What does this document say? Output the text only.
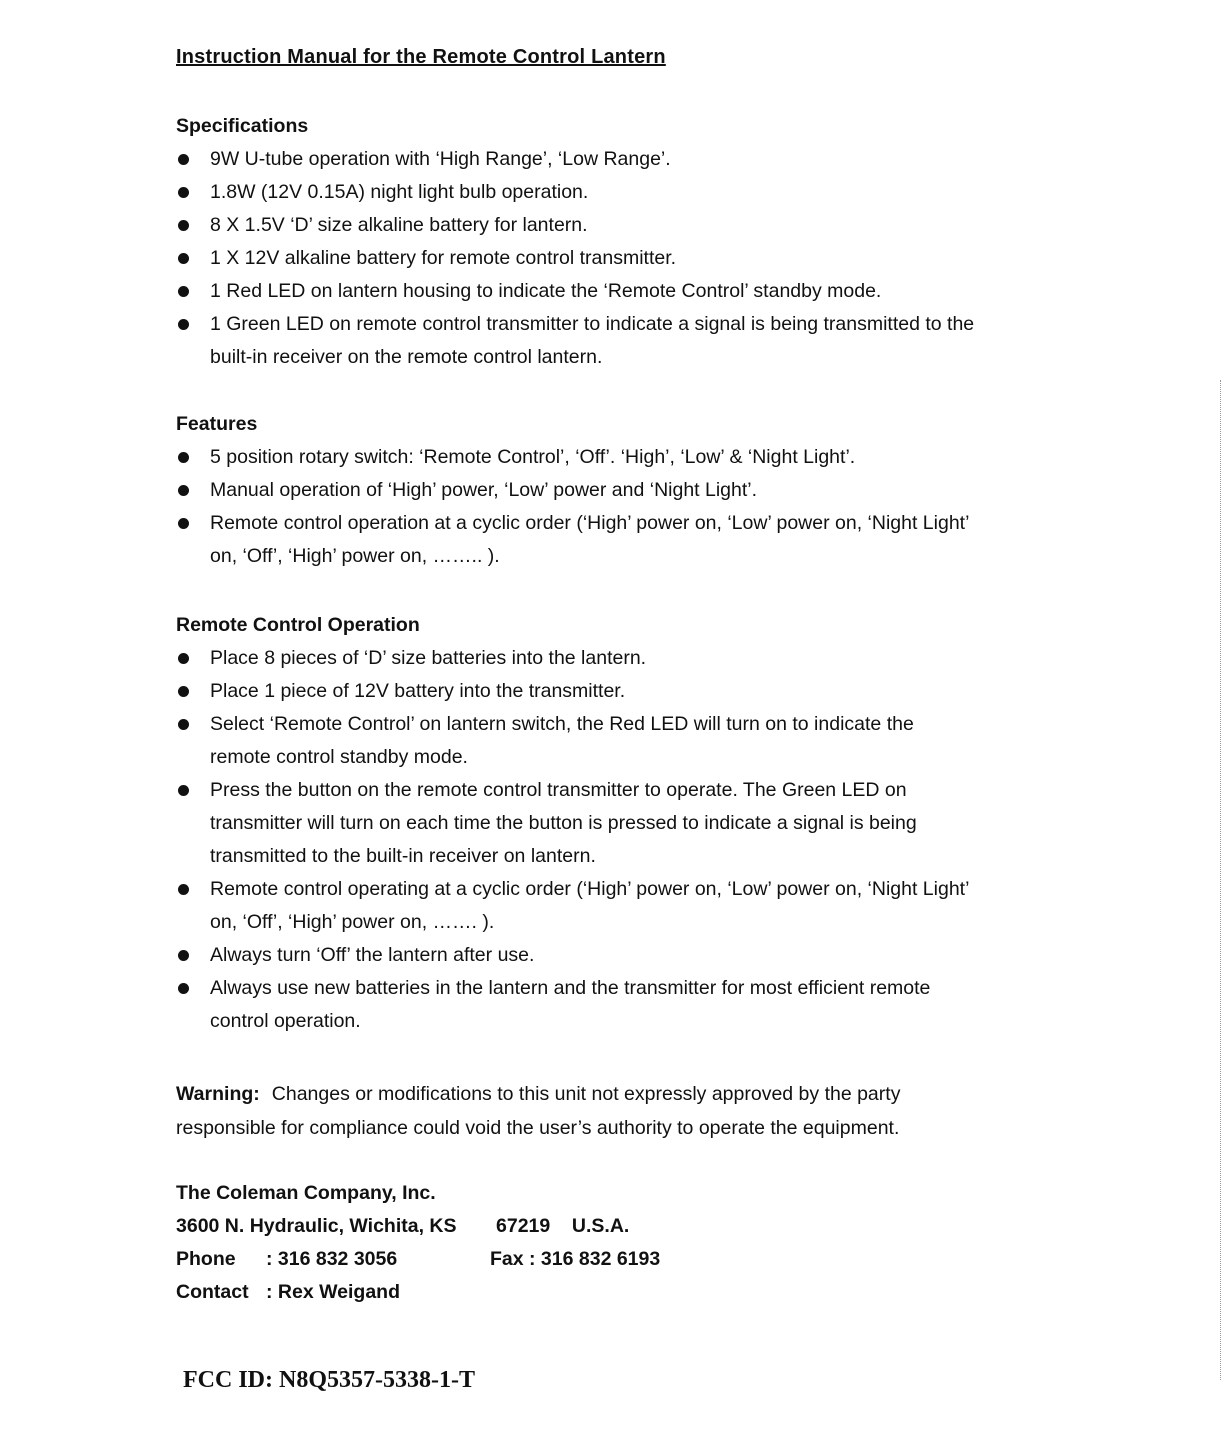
Instruction Manual for the Remote Control Lantern
Specifications
9W U-tube operation with ‘High Range’, ‘Low Range’.
1.8W (12V 0.15A) night light bulb operation.
8 X 1.5V ‘D’ size alkaline battery for lantern.
1 X 12V alkaline battery for remote control transmitter.
1 Red LED on lantern housing to indicate the ‘Remote Control’ standby mode.
1 Green LED on remote control transmitter to indicate a signal is being transmitted to the built-in receiver on the remote control lantern.
Features
5 position rotary switch: ‘Remote Control’, ‘Off’. ‘High’, ‘Low’ & ‘Night Light’.
Manual operation of ‘High’ power, ‘Low’ power and ‘Night Light’.
Remote control operation at a cyclic order (‘High’ power on, ‘Low’ power on, ‘Night Light’ on, ‘Off’, ‘High’ power on, …….. ).
Remote Control Operation
Place 8 pieces of ‘D’ size batteries into the lantern.
Place 1 piece of 12V battery into the transmitter.
Select ‘Remote Control’ on lantern switch, the Red LED will turn on to indicate the remote control standby mode.
Press the button on the remote control transmitter to operate. The Green LED on transmitter will turn on each time the button is pressed to indicate a signal is being transmitted to the built-in receiver on lantern.
Remote control operating at a cyclic order (‘High’ power on, ‘Low’ power on, ‘Night Light’ on, ‘Off’, ‘High’ power on, ……. ).
Always turn ‘Off’ the lantern after use.
Always use new batteries in the lantern and the transmitter for most efficient remote control operation.
Warning: Changes or modifications to this unit not expressly approved by the party responsible for compliance could void the user’s authority to operate the equipment.
The Coleman Company, Inc.
3600 N. Hydraulic, Wichita, KS 67219    U.S.A.
Phone : 316 832 3056	Fax : 316 832 6193
Contact : Rex Weigand
FCC ID: N8Q5357-5338-1-T
